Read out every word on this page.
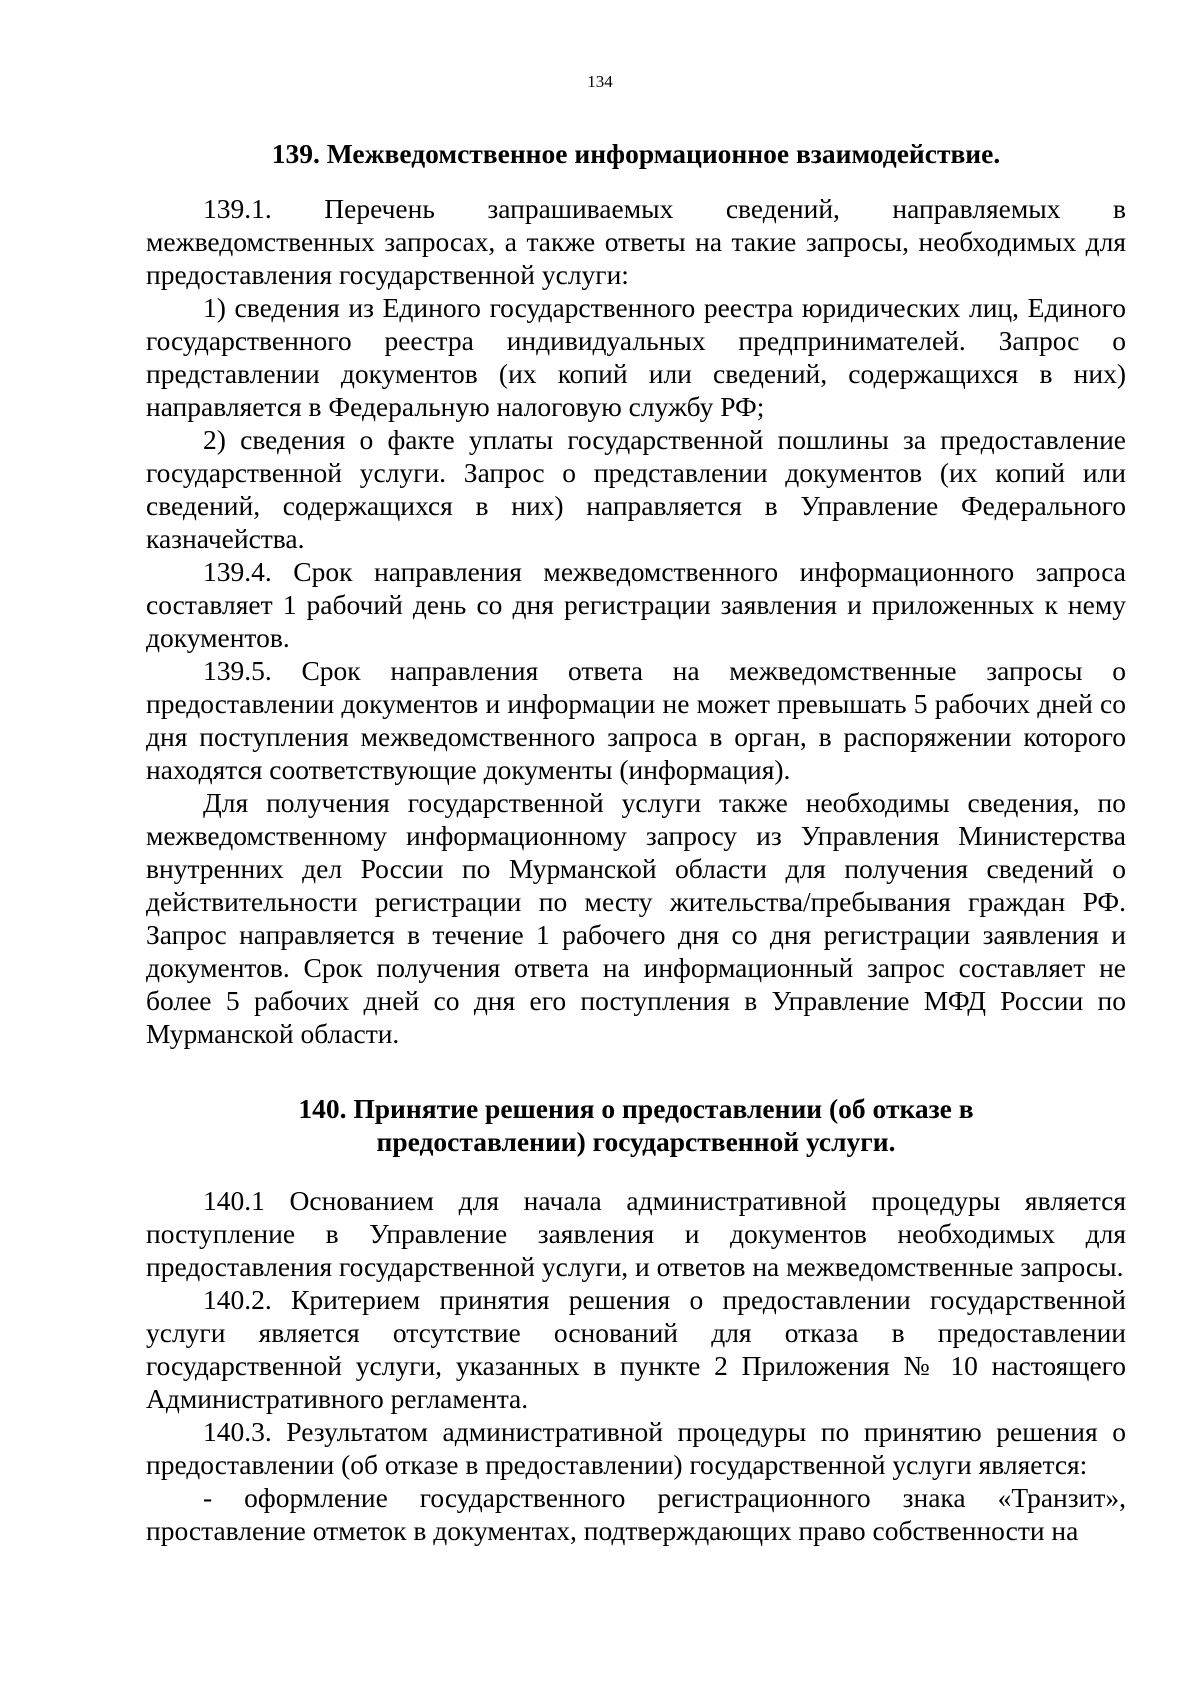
134
139. Межведомственное информационное взаимодействие.

139.1. Перечень запрашиваемых сведений, направляемых в межведомственных запросах, а также ответы на такие запросы, необходимых для предоставления государственной услуги:

1) сведения из Единого государственного реестра юридических лиц, Единого государственного реестра индивидуальных предпринимателей. Запрос о представлении документов (их копий или сведений, содержащихся в них) направляется в Федеральную налоговую службу РФ;

2) сведения о факте уплаты государственной пошлины за предоставление государственной услуги. Запрос о представлении документов (их копий или сведений, содержащихся в них) направляется в Управление Федерального казначейства.

139.4. Срок направления межведомственного информационного запроса составляет 1 рабочий день со дня регистрации заявления и приложенных к нему документов.

139.5. Срок направления ответа на межведомственные запросы о предоставлении документов и информации не может превышать 5 рабочих дней со дня поступления межведомственного запроса в орган, в распоряжении которого находятся соответствующие документы (информация).

Для получения государственной услуги также необходимы сведения, по межведомственному информационному запросу из Управления Министерства внутренних дел России по Мурманской области для получения сведений о действительности регистрации по месту жительства/пребывания граждан РФ. Запрос направляется в течение 1 рабочего дня со дня регистрации заявления и документов. Срок получения ответа на информационный запрос составляет не более 5 рабочих дней со дня его поступления в Управление МФД России по Мурманской области.

140. Принятие решения о предоставлении (об отказе в
предоставлении) государственной услуги.

140.1 Основанием для начала административной процедуры является поступление в Управление заявления и документов необходимых для предоставления государственной услуги, и ответов на межведомственные запросы.

140.2. Критерием принятия решения о предоставлении государственной услуги является отсутствие оснований для отказа в предоставлении государственной услуги, указанных в пункте 2 Приложения № 10 настоящего Административного регламента.

140.3. Результатом административной процедуры по принятию решения о предоставлении (об отказе в предоставлении) государственной услуги является:

- оформление государственного регистрационного знака «Транзит», проставление отметок в документах, подтверждающих право собственности на
